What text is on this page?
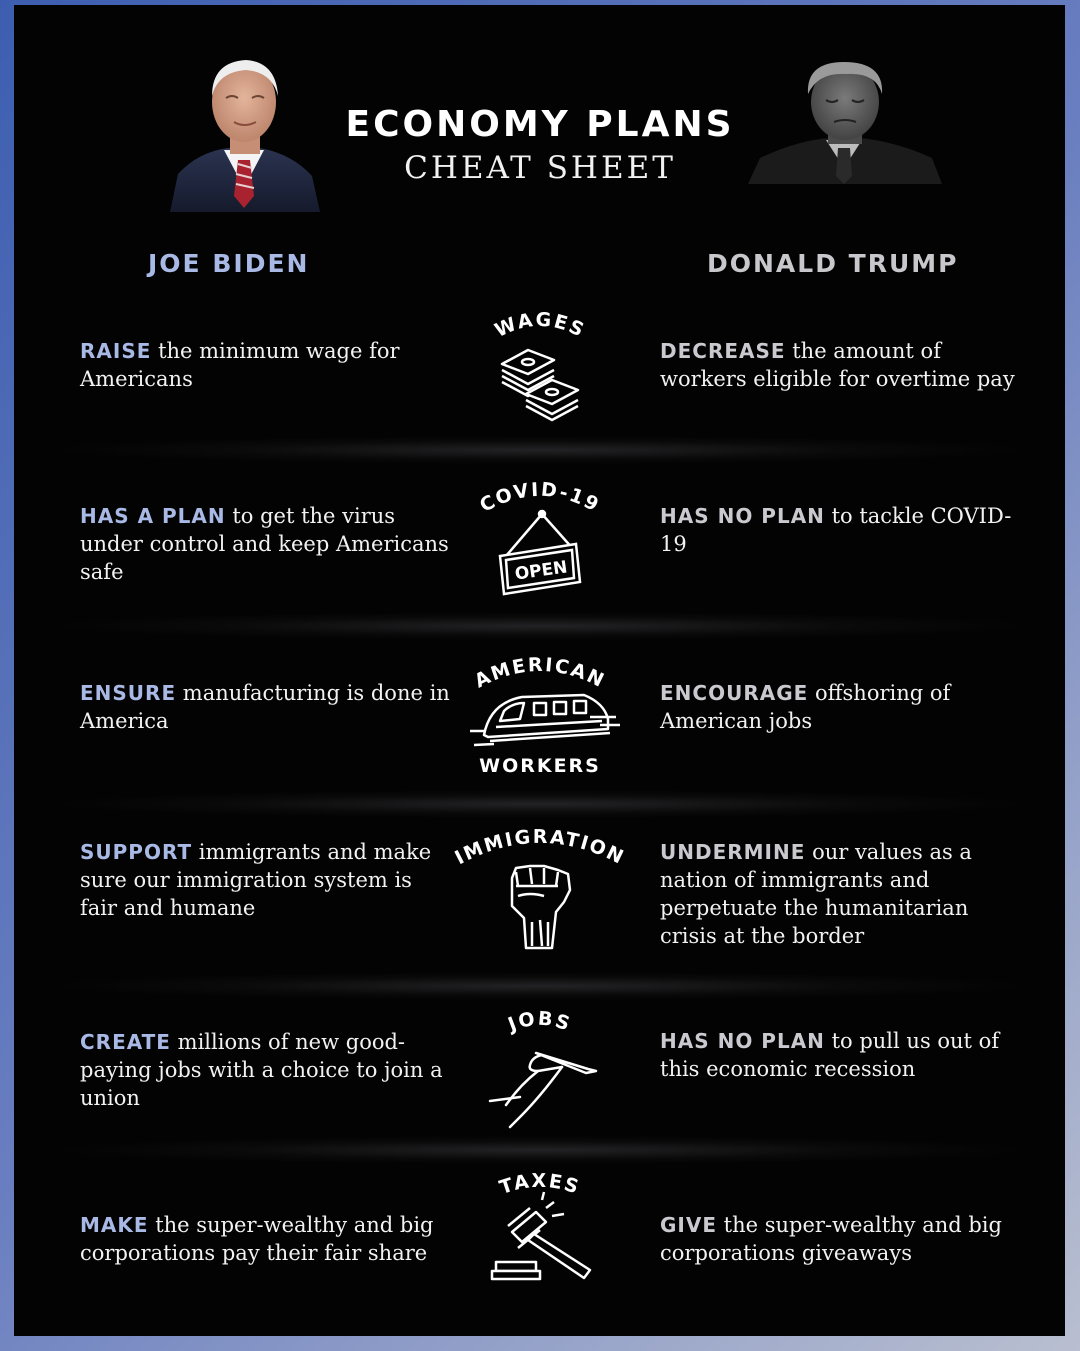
ECONOMY PLANS
CHEAT SHEET
JOE BIDEN	DONALD TRUMP
RAISE the minimum wage for Americans
DECREASE the amount of workers eligible for overtime pay
WAGES
HAS A PLAN to get the virus under control and keep Americans safe
HAS NO PLAN to tackle COVID-19
COVID-19
OPEN
ENSURE manufacturing is done in America
ENCOURAGE offshoring of American jobs
AMERICAN
WORKERS
SUPPORT immigrants and make sure our immigration system is fair and humane
UNDERMINE our values as a nation of immigrants and perpetuate the humanitarian crisis at the border
IMMIGRATION
CREATE millions of new good-paying jobs with a choice to join a union
HAS NO PLAN to pull us out of this economic recession
JOBS
MAKE the super-wealthy and big corporations pay their fair share
GIVE the super-wealthy and big corporations giveaways
TAXES
